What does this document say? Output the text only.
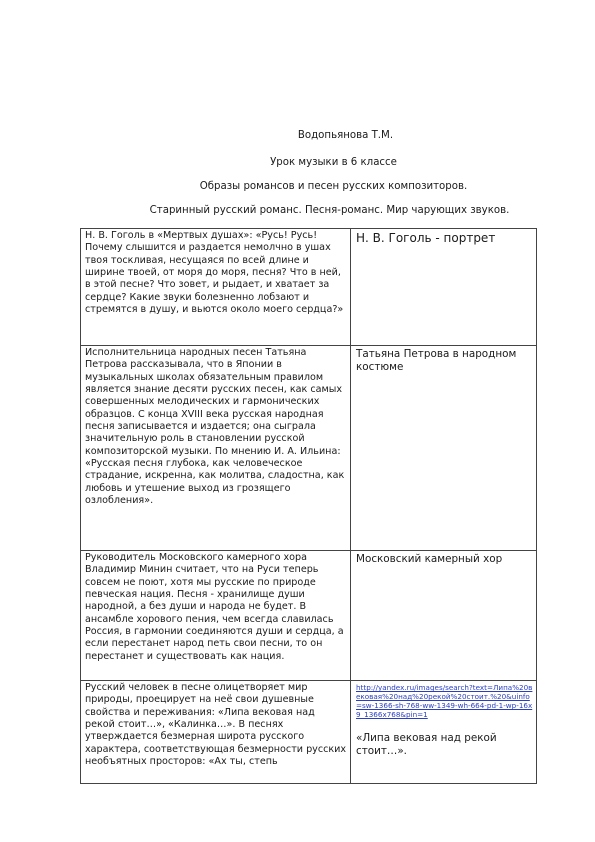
Водопьянова Т.М.
Урок музыки в 6 классе
Образы романсов и песен русских композиторов.
Старинный русский романс. Песня-романс. Мир чарующих звуков.
Н. В. Гоголь в «Мертвых душах»: «Русь! Русь! Почему слышится и раздается немолчно в ушах твоя тоскливая, несущаяся по всей длине и ширине твоей, от моря до моря, песня? Что в ней, в этой песне? Что зовет, и рыдает, и хватает за сердце? Какие звуки болезненно лобзают и стремятся в душу, и вьются около моего сердца?»	Н. В. Гоголь - портрет

Исполнительница народных песен Татьяна Петрова рассказывала, что в Японии в музыкальных школах обязательным правилом является знание десяти русских песен, как самых совершенных мелодических и гармонических образцов. С конца XVIII века русская народная песня записывается и издается; она сыграла значительную роль в становлении русской композиторской музыки. По мнению И. А. Ильина: «Русская песня глубока, как человеческое страдание, искренна, как молитва, сладостна, как любовь и утешение выход из грозящего озлобления».	Татьяна Петрова в народном костюме

Руководитель Московского камерного хора Владимир Минин считает, что на Руси теперь совсем не поют, хотя мы русские по природе певческая нация. Песня - хранилище души народной, а без души и народа не будет. В ансамбле хорового пения, чем всегда славилась Россия, в гармонии соединяются души и сердца, а если перестанет народ петь свои песни, то он перестанет и существовать как нация.	Московский камерный хор

Русский человек в песне олицетворяет мир природы, проецирует на неё свои душевные свойства и переживания: «Липа вековая над рекой стоит…», «Калинка…». В песнях утверждается безмерная широта русского характера, соответствующая безмерности русских необъятных просторов: «Ах ты, степь	http://yandex.ru/images/search?text=Липа%20вековая%20над%20рекой%20стоит.%20&uinfo=sw-1366-sh-768-ww-1349-wh-664-pd-1-wp-16x9_1366x768&pin=1
«Липа вековая над рекой стоит…».
